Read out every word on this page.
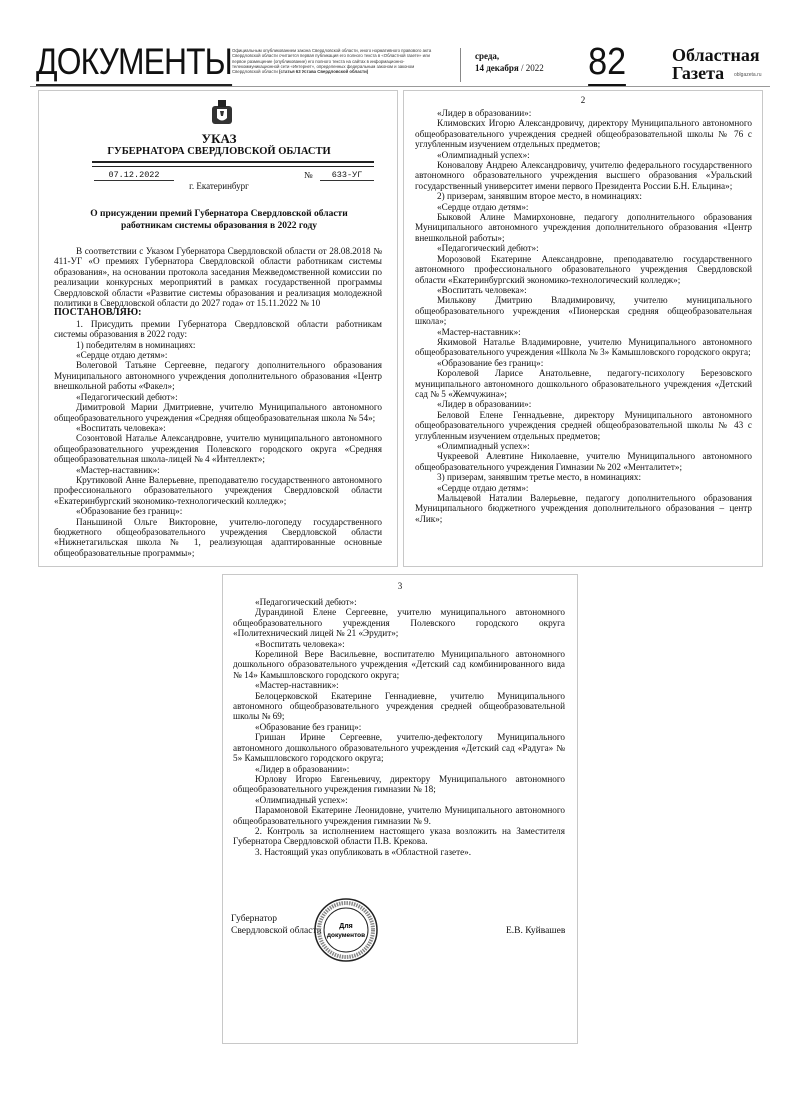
ДОКУМЕНТЫ Официальным опубликованием закона Свердловской области, иного нормативного правового акта Свердловской области считается первая публикация его полного текста в «Областной газете» или первое размещение (опубликование) его полного текста на сайтах в информационно-телекоммуникационной сети «Интернет», определенных федеральным законом и законом Свердловской области (статья 63 Устава Свердловской области)
среда,
14 декабря / 2022 82	Областная
Газета	oblgazeta.ru
УКАЗ
ГУБЕРНАТОРА СВЕРДЛОВСКОЙ ОБЛАСТИ
07.12.2022	№	633-УГ
г. Екатеринбург
О присуждении премий Губернатора Свердловской области
работникам системы образования в 2022 году

В соответствии с Указом Губернатора Свердловской области от 28.08.2018 № 411-УГ «О премиях Губернатора Свердловской области работникам системы образования», на основании протокола заседания Межведомственной комиссии по реализации конкурсных мероприятий в рамках государственной программы Свердловской области «Развитие системы образования и реализация молодежной политики в Свердловской области до 2027 года» от 15.11.2022 № 10

ПОСТАНОВЛЯЮ:

1. Присудить премии Губернатора Свердловской области работникам системы образования в 2022 году:

1) победителям в номинациях:

«Сердце отдаю детям»:

Волеговой Татьяне Сергеевне, педагогу дополнительного образования Муниципального автономного учреждения дополнительного образования «Центр внешкольной работы «Факел»;

«Педагогический дебют»:

Димитровой Марии Дмитриевне, учителю Муниципального автономного общеобразовательного учреждения «Средняя общеобразовательная школа № 54»;

«Воспитать человека»:

Созонтовой Наталье Александровне, учителю муниципального автономного общеобразовательного учреждения Полевского городского округа «Средняя общеобразовательная школа-лицей № 4 «Интеллект»;

«Мастер-наставник»:

Крутиковой Анне Валерьевне, преподавателю государственного автономного профессионального образовательного учреждения Свердловской области «Екатеринбургский экономико-технологический колледж»;

«Образование без границ»:

Паньшиной Ольге Викторовне, учителю-логопеду государственного бюджетного общеобразовательного учреждения Свердловской области «Нижнетагильская школа № 1, реализующая адаптированные основные общеобразовательные программы»;

2

«Лидер в образовании»:

Климовских Игорю Александровичу, директору Муниципального автономного общеобразовательного учреждения средней общеобразовательной школы № 76 с углубленным изучением отдельных предметов;

«Олимпиадный успех»:

Коновалову Андрею Александровичу, учителю федерального государственного автономного образовательного учреждения высшего образования «Уральский государственный университет имени первого Президента России Б.Н. Ельцина»;

2) призерам, занявшим второе место, в номинациях:

«Сердце отдаю детям»:

Быковой Алине Мамирхоновне, педагогу дополнительного образования Муниципального автономного учреждения дополнительного образования «Центр внешкольной работы»;

«Педагогический дебют»:

Морозовой Екатерине Александровне, преподавателю государственного автономного профессионального образовательного учреждения Свердловской области «Екатеринбургский экономико-технологический колледж»;

«Воспитать человека»:

Милькову Дмитрию Владимировичу, учителю муниципального общеобразовательного учреждения «Пионерская средняя общеобразовательная школа»;

«Мастер-наставник»:

Якимовой Наталье Владимировне, учителю Муниципального автономного общеобразовательного учреждения «Школа № 3» Камышловского городского округа;

«Образование без границ»:

Королевой Ларисе Анатольевне, педагогу-психологу Березовского муниципального автономного дошкольного образовательного учреждения «Детский сад № 5 «Жемчужина»;

«Лидер в образовании»:

Беловой Елене Геннадьевне, директору Муниципального автономного общеобразовательного учреждения средней общеобразовательной школы № 43 с углубленным изучением отдельных предметов;

«Олимпиадный успех»:

Чукреевой Алевтине Николаевне, учителю Муниципального автономного общеобразовательного учреждения Гимназии № 202 «Менталитет»;

3) призерам, занявшим третье место, в номинациях:

«Сердце отдаю детям»:

Мальцевой Наталии Валерьевне, педагогу дополнительного образования Муниципального бюджетного учреждения дополнительного образования – центр «Лик»;

3

«Педагогический дебют»:

Дурандиной Елене Сергеевне, учителю муниципального автономного общеобразовательного учреждения Полевского городского округа «Политехнический лицей № 21 «Эрудит»;

«Воспитать человека»:

Корелиной Вере Васильевне, воспитателю Муниципального автономного дошкольного образовательного учреждения «Детский сад комбинированного вида № 14» Камышловского городского округа;

«Мастер-наставник»:

Белоцерковской Екатерине Геннадиевне, учителю Муниципального автономного общеобразовательного учреждения средней общеобразовательной школы № 69;

«Образование без границ»:

Гришан Ирине Сергеевне, учителю-дефектологу Муниципального автономного дошкольного образовательного учреждения «Детский сад «Радуга» № 5» Камышловского городского округа;

«Лидер в образовании»:

Юрлову Игорю Евгеньевичу, директору Муниципального автономного общеобразовательного учреждения гимназии № 18;

«Олимпиадный успех»:

Парамоновой Екатерине Леонидовне, учителю Муниципального автономного общеобразовательного учреждения гимназии № 9.

2. Контроль за исполнением настоящего указа возложить на Заместителя Губернатора Свердловской области П.В. Крекова.

3. Настоящий указ опубликовать в «Областной газете».

Губернатор
Свердловской области	Для
документов	Е.В. Куйвашев
